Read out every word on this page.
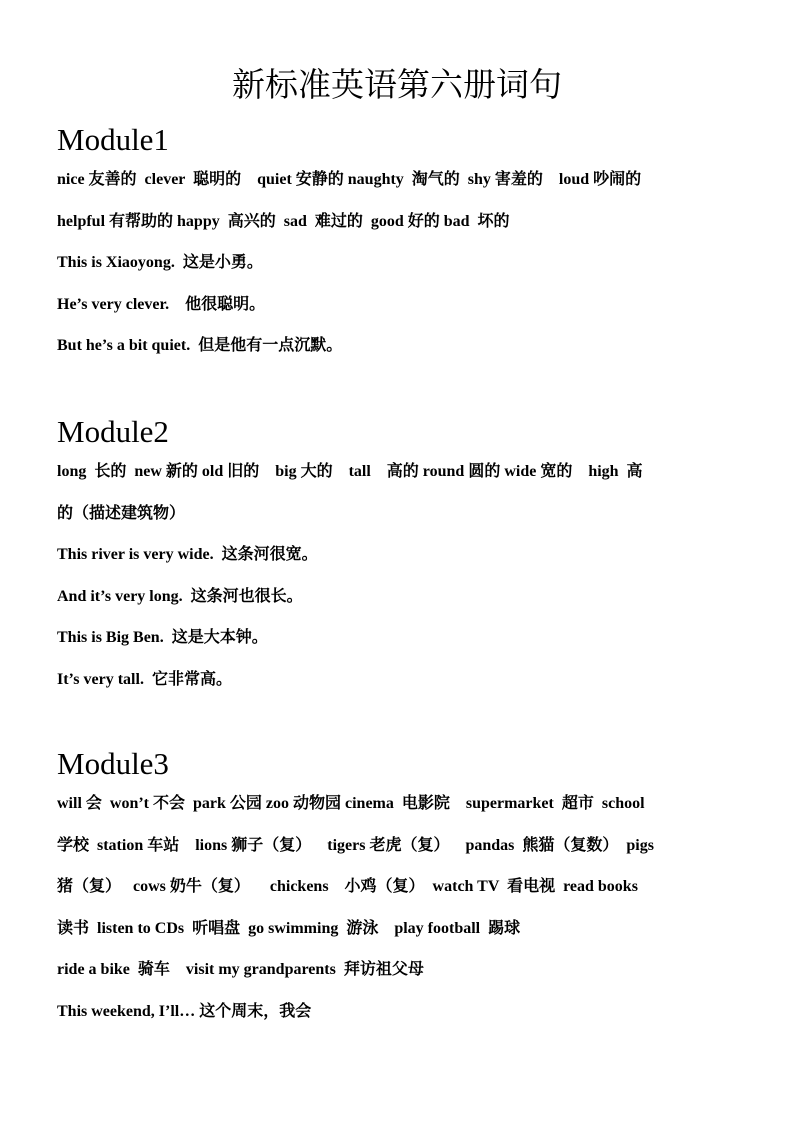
新标准英语第六册词句
Module1

nice 友善的  clever  聪明的    quiet 安静的 naughty  淘气的  shy 害羞的    loud 吵闹的

helpful 有帮助的 happy  高兴的  sad  难过的  good 好的 bad  坏的

This is Xiaoyong.  这是小勇。

He’s very clever.    他很聪明。

But he’s a bit quiet.  但是他有一点沉默。

Module2

long  长的  new 新的 old 旧的    big 大的    tall    高的 round 圆的 wide 宽的    high  高

的（描述建筑物）

This river is very wide.  这条河很宽。

And it’s very long.  这条河也很长。

This is Big Ben.  这是大本钟。

It’s very tall.  它非常高。

Module3

will 会  won’t 不会  park 公园 zoo 动物园 cinema  电影院    supermarket  超市  school

学校  station 车站    lions 狮子（复）    tigers 老虎（复）    pandas  熊猫（复数）  pigs

猪（复）   cows 奶牛（复）     chickens    小鸡（复）  watch TV  看电视  read books

读书  listen to CDs  听唱盘  go swimming  游泳    play football  踢球

ride a bike  骑车    visit my grandparents  拜访祖父母

This weekend, I’ll… 这个周末，我会
